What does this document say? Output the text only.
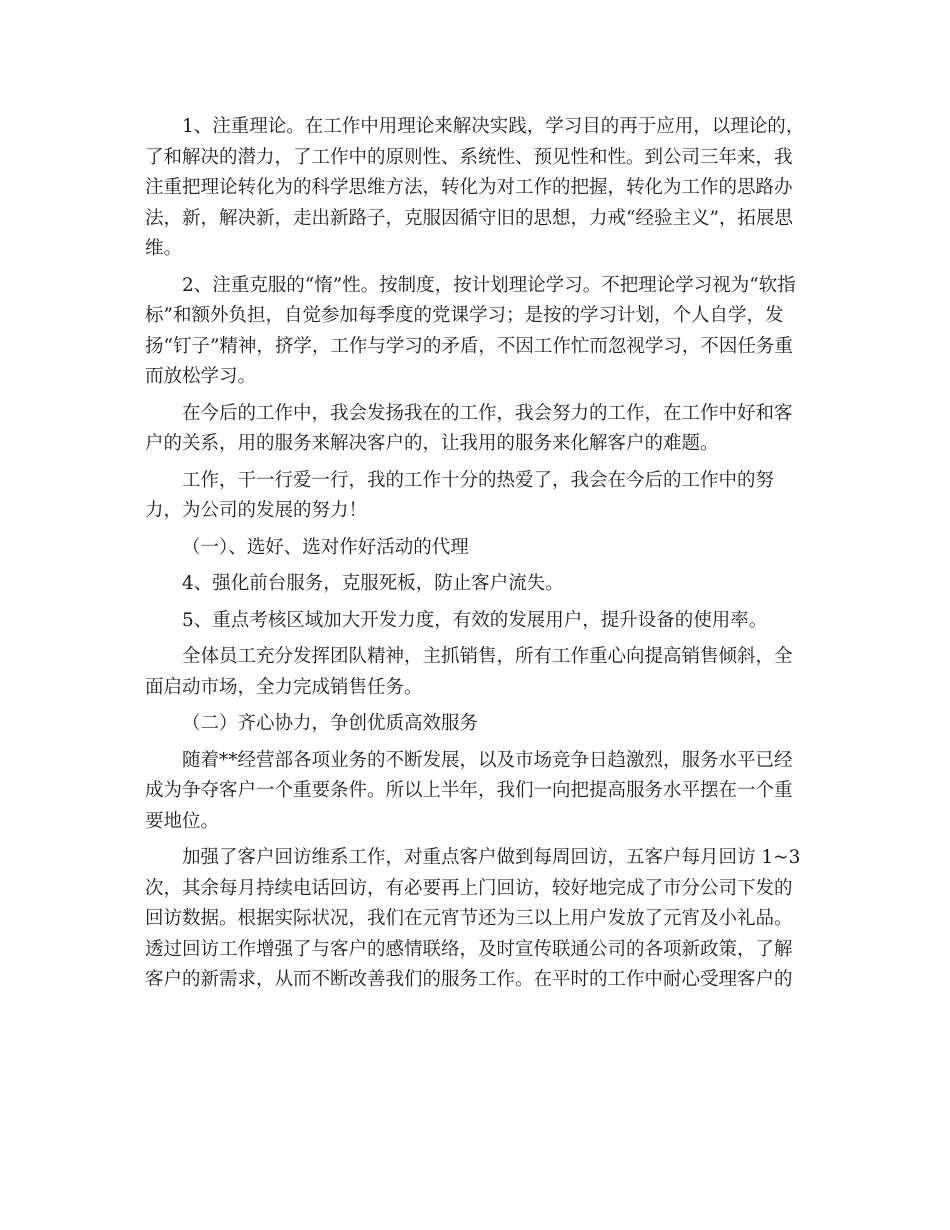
1、注重理论。在工作中用理论来解决实践，学习目的再于应用，以理论的，
了和解决的潜力，了工作中的原则性、系统性、预见性和性。到公司三年来，我
注重把理论转化为的科学思维方法，转化为对工作的把握，转化为工作的思路办
法，新，解决新，走出新路子，克服因循守旧的思想，力戒“经验主义”，拓展思
维。
2、注重克服的“惰”性。按制度，按计划理论学习。不把理论学习视为“软指
标”和额外负担，自觉参加每季度的党课学习；是按的学习计划，个人自学，发
扬“钉子”精神，挤学，工作与学习的矛盾，不因工作忙而忽视学习，不因任务重
而放松学习。
在今后的工作中，我会发扬我在的工作，我会努力的工作，在工作中好和客
户的关系，用的服务来解决客户的，让我用的服务来化解客户的难题。
工作，干一行爱一行，我的工作十分的热爱了，我会在今后的工作中的努
力，为公司的发展的努力！
（一）、选好、选对作好活动的代理
4、强化前台服务，克服死板，防止客户流失。
5、重点考核区域加大开发力度，有效的发展用户，提升设备的使用率。
全体员工充分发挥团队精神，主抓销售，所有工作重心向提高销售倾斜，全
面启动市场，全力完成销售任务。
（二）齐心协力，争创优质高效服务
随着**经营部各项业务的不断发展，以及市场竞争日趋激烈，服务水平已经
成为争夺客户一个重要条件。所以上半年，我们一向把提高服务水平摆在一个重
要地位。
加强了客户回访维系工作，对重点客户做到每周回访，五客户每月回访 1~3
次，其余每月持续电话回访，有必要再上门回访，较好地完成了市分公司下发的
回访数据。根据实际状况，我们在元宵节还为三以上用户发放了元宵及小礼品。
透过回访工作增强了与客户的感情联络，及时宣传联通公司的各项新政策，了解
客户的新需求，从而不断改善我们的服务工作。在平时的工作中耐心受理客户的
